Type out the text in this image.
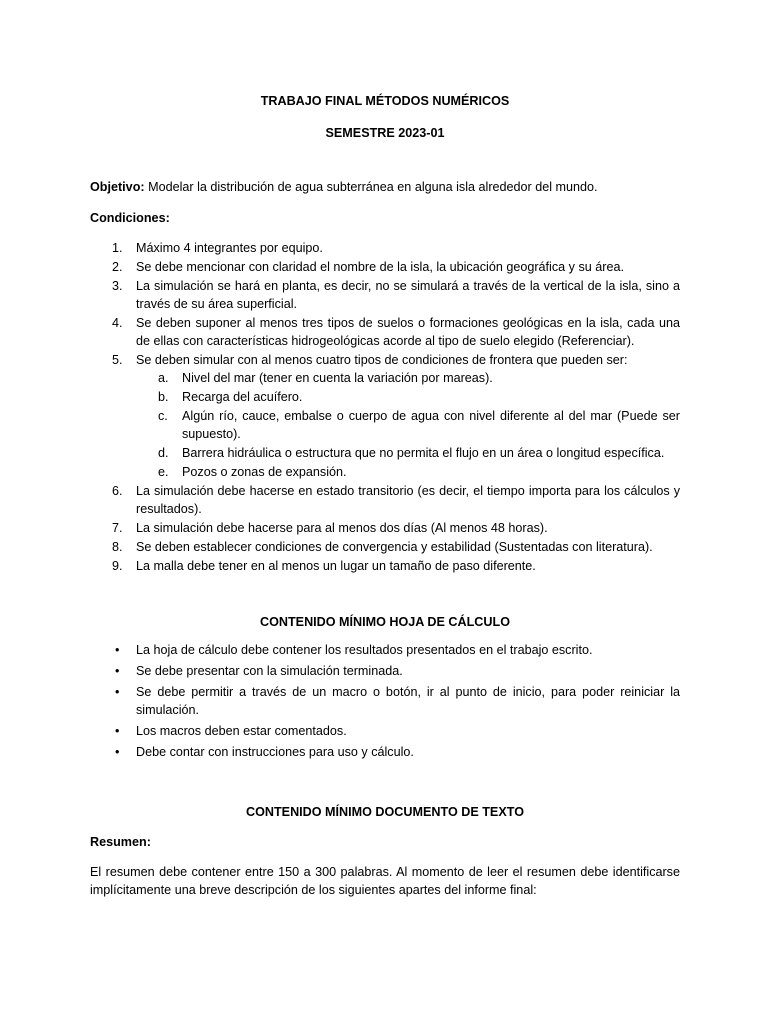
TRABAJO FINAL MÉTODOS NUMÉRICOS

SEMESTRE 2023-01

Objetivo: Modelar la distribución de agua subterránea en alguna isla alrededor del mundo.

Condiciones:

1. Máximo 4 integrantes por equipo.
2. Se debe mencionar con claridad el nombre de la isla, la ubicación geográfica y su área.
3. La simulación se hará en planta, es decir, no se simulará a través de la vertical de la isla, sino a través de su área superficial.
4. Se deben suponer al menos tres tipos de suelos o formaciones geológicas en la isla, cada una de ellas con características hidrogeológicas acorde al tipo de suelo elegido (Referenciar).
5. Se deben simular con al menos cuatro tipos de condiciones de frontera que pueden ser:
a. Nivel del mar (tener en cuenta la variación por mareas).
b. Recarga del acuífero.
c. Algún río, cauce, embalse o cuerpo de agua con nivel diferente al del mar (Puede ser supuesto).
d. Barrera hidráulica o estructura que no permita el flujo en un área o longitud específica.
e. Pozos o zonas de expansión.
6. La simulación debe hacerse en estado transitorio (es decir, el tiempo importa para los cálculos y resultados).
7. La simulación debe hacerse para al menos dos días (Al menos 48 horas).
8. Se deben establecer condiciones de convergencia y estabilidad (Sustentadas con literatura).
9. La malla debe tener en al menos un lugar un tamaño de paso diferente.

CONTENIDO MÍNIMO HOJA DE CÁLCULO

• La hoja de cálculo debe contener los resultados presentados en el trabajo escrito.
• Se debe presentar con la simulación terminada.
• Se debe permitir a través de un macro o botón, ir al punto de inicio, para poder reiniciar la simulación.
• Los macros deben estar comentados.
• Debe contar con instrucciones para uso y cálculo.

CONTENIDO MÍNIMO DOCUMENTO DE TEXTO

Resumen:

El resumen debe contener entre 150 a 300 palabras. Al momento de leer el resumen debe identificarse implícitamente una breve descripción de los siguientes apartes del informe final:
